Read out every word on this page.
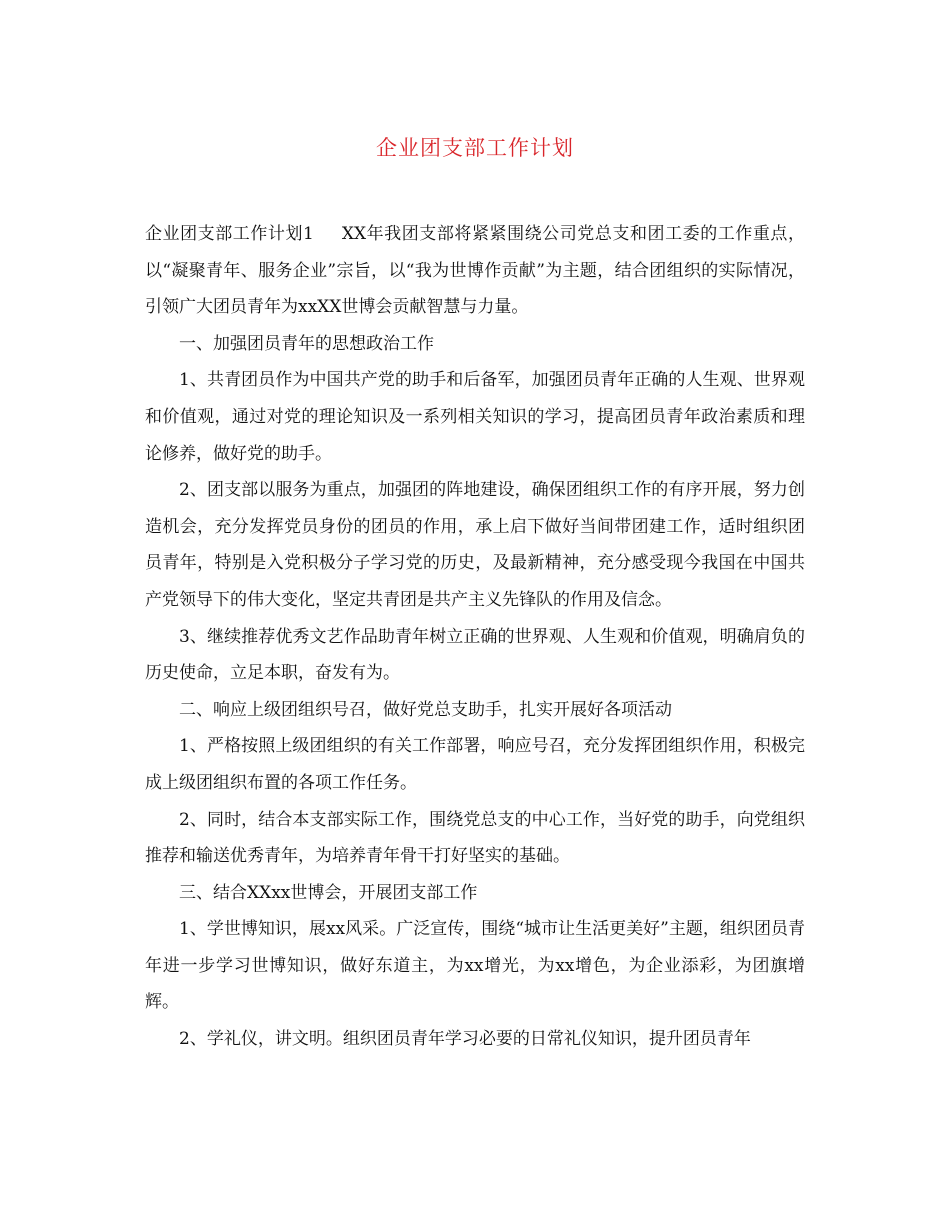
企业团支部工作计划

企业团支部工作计划1 XX年我团支部将紧紧围绕公司党总支和团工委的工作重点，以“凝聚青年、服务企业”宗旨，以“我为世博作贡献”为主题，结合团组织的实际情况，引领广大团员青年为xxXX世博会贡献智慧与力量。

一、加强团员青年的思想政治工作

1、共青团员作为中国共产党的助手和后备军，加强团员青年正确的人生观、世界观和价值观，通过对党的理论知识及一系列相关知识的学习，提高团员青年政治素质和理论修养，做好党的助手。

2、团支部以服务为重点，加强团的阵地建设，确保团组织工作的有序开展，努力创造机会，充分发挥党员身份的团员的作用，承上启下做好当间带团建工作，适时组织团员青年，特别是入党积极分子学习党的历史，及最新精神，充分感受现今我国在中国共产党领导下的伟大变化，坚定共青团是共产主义先锋队的作用及信念。

3、继续推荐优秀文艺作品助青年树立正确的世界观、人生观和价值观，明确肩负的历史使命，立足本职，奋发有为。

二、响应上级团组织号召，做好党总支助手，扎实开展好各项活动

1、严格按照上级团组织的有关工作部署，响应号召，充分发挥团组织作用，积极完成上级团组织布置的各项工作任务。

2、同时，结合本支部实际工作，围绕党总支的中心工作，当好党的助手，向党组织推荐和输送优秀青年，为培养青年骨干打好坚实的基础。

三、结合XXxx世博会，开展团支部工作

1、学世博知识，展xx风采。广泛宣传，围绕“城市让生活更美好”主题，组织团员青年进一步学习世博知识，做好东道主，为xx增光，为xx增色，为企业添彩，为团旗增辉。

2、学礼仪，讲文明。组织团员青年学习必要的日常礼仪知识，提升团员青年
